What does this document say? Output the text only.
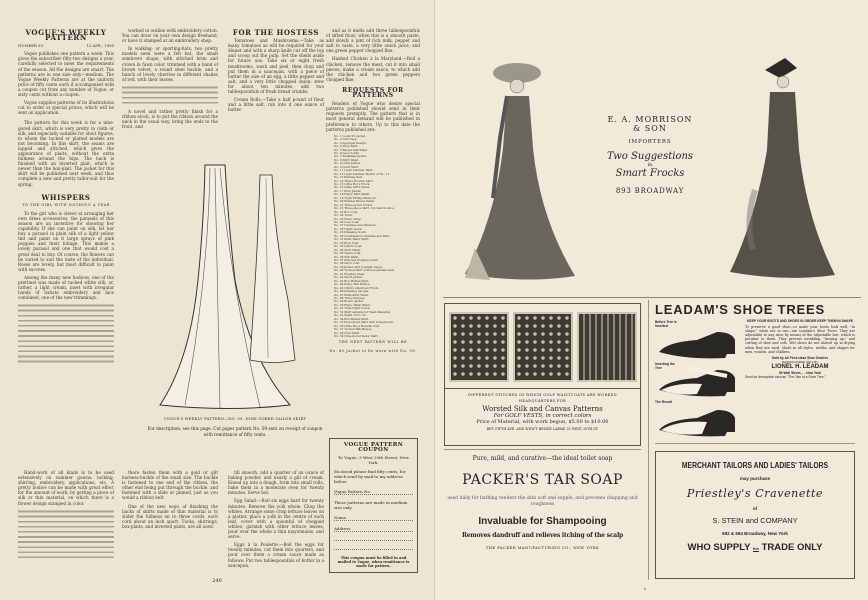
VOGUE'S WEEKLY PATTERN
NUMBER 59.	12 APR., 1900

Vogue publishes one pattern a week. This gives the subscriber fifty-two designs a year, carefully selected to meet the requirements of the season. All the designs are smart. The patterns are in one size only—medium. The Vogue Weekly Patterns are at the uniform price of fifty cents each if accompanied with a coupon cut from any number of Vogue, or sixty cents without a coupon.

Vogue supplies patterns of its illustrations cut to order at special prices, which will be sent on application.

The pattern for this week is for a nine-gored skirt, which is very pretty in cloth or silk, and especially suitable for stout figures, to whom the tucked or plaited models are not becoming. In this skirt, the seams are lapped and stitched, which gives the appearance of plaits, without the extra fullness around the hips. The back is finished with an inverted plait, which is newer than the box-plait. The jacket for this skirt will be published next week, and thus complete a new and pretty tailor-suit for the spring.

WHISPERS
TO THE GIRL WITH NOTHING A YEAR

To the girl who is clever at arranging her own dress accessories, the parasols of this season are an incentive for showing her capability. If she can paint on silk, let her buy a parasol in plain silk of a light yellow tint and paint on it large sprays of pink poppies and their foliage. This makes a lovely parasol and one that would cost a great deal to buy. Of course, the flowers can be varied to suit the taste of the individual. Roses are lovely, but most difficult to paint with success.

Among the many new bodices, one of the prettiest was made of tucked white silk, or, rather, a light cream, inset with irregular bands of batiste embroidery and lace combined, one of the new trimmings.

Hand-work of all kinds is to be used extensively on summer gowns: tucking, shirring, embroidery, applications, etc. A pretty bodice can be made with great effect for the amount of work, by getting a piece of silk or thin material, on which there is a flower design stamped in color.

worked in outline with embroidery cotton. You can draw on your own design freehand, or have it stamped at an embroidery shop.

In walking- or sporting-hats, two pretty models seen were a felt hat, the small sombrero shape, with stitched brim and crown in fawn color, trimmed with a band of brown velvet, a round steel buckle, and a bunch of lovely cherries in different shades of red, with their leaves.

A novel and rather pretty finish for a ribbon stock, is to put the ribbon around the neck in the usual way, bring the ends to the front, and

FOR THE HOSTESS

Tomatoes and Mushrooms.—Take as many tomatoes as will be required for your dinner and with a sharp knife cut off the top and scoop out the pulp. Set the shells aside for future use. Take six or eight fresh mushrooms, wash and peel, then chop and put them in a saucepan, with a piece of butter the size of an egg, a little pepper and salt, and a very little chopped onion; stew for about ten minutes, add two tablespoonfuls of fresh bread crumbs.

Cream Rolls.—Take a half pound of flour and a little salt, rub into it one ounce of butter

and as it melts add three tablespoonfuls of sifted flour; when this is a smooth paste, add slowly a pint of rich milk, pepper and salt to taste, a very little onion juice, and one green pepper chopped fine.

Hashed Chicken à la Maryland.—Boil a chicken, remove the meat, cut it into small pieces, make a cream sauce, to which add the chicken and two green peppers chopped fine.

REQUESTS FOR PATTERNS

Readers of Vogue who desire special patterns published should send in their requests promptly. The pattern that is in most general demand will be published in preference to others. Up to this date the patterns published are:

No. 1 Louis XV. Jacket.
No. 2 Golf Cape.
No. 3 Appliqué Design.
No. 4 Drop Skirt.
No. 5 Blouse Silk Waist.
No. 6 Lace Collar.
No. 7 Breakfast Jacket.
No. 8 Shirt Waist.
No. 9 Cloth Jacket.
No. 10 Golf Skirt.
No. 11 Light Summer Skirt.
No. 12 Light Summer Bodice of No. 11.
No. 13 Bathing Suit.
No. 14 Three-Flounce Skirt.
No. 15 Little Boy's Frock.
No. 16 Little Girl's Dress.
No. 17 Eton Jacket.
No. 18 Fancy Shirt Waist.
No. 19 Tight Fitting Petticoat.
No. 20 Flannel Blouse Waist.
No. 21 Three-gored Corset.
No. 22 Three-piece Skirt, Circular flounce.
No. 23 Box Coat.
No. 24 Tunic.
No. 25 Fancy Wrap.
No. 26 Lace Coat.
No. 27 Chemise and Drawers.
No. 28 Night Gown.
No. 29 Dressing Gown.
No. 30 Combination Chemise and Skirt.
No. 31 Plain Tailor Skirt.
No. 32 Eton Coat.
No. 33 Child's Coat.
No. 34 Shirt Waist.
No. 35 Opera Coat.
No. 36 Silk Waist.
No. 37 Princess Evening Gown.
No. 38 Girl's Coat.
No. 39 Jacket with Coattail Capes.
No. 40 Tucked Skirt with box-plaited back.
No. 41 Evening Cape.
No. 42 Short Jacket.
No. 43 Box Plaited Skirt.
No. 44 Fancy Silk Bodice.
No. 45 Child's Afternoon Frock.
No. 46 Dressing Sacque.
No. 47 Plain Shirt Waist.
No. 48 Three Sleeves.
No. 49 Bolero Jacket.
No. 50 Fancy Wash Waist.
No. 51 Tulle Night Gown.
No. 52 Skirt suitable for Wash Material.
No. 53 Waist of No. 52.
No. 54 Box Plaited Skirt.
No. 55 Five-Gored Skirt with tucked back.
No. 56 Little Boy's Russian Suit.
No. 57 Tucked Silk Blouse.
No. 58 Over Skirt.
No. 59 Nine-Gored Tailor Skirt.
THE NEXT PATTERN WILL BE
No. 60 Jacket to be worn with No. 59.
VOGUE'S WEEKLY PATTERN—NO. 59, NINE GORED TAILOR SKIRT
For description, see this page. Cut paper pattern No. 59 sent on receipt of coupon with remittance of fifty cents.

there fasten them with a gold or gilt harness-buckle of the small size. The buckle is fastened to one end of the ribbon, the other end being put through the buckle, and fastened with a slide or pinned, just as you would a ribbon belt.

One of the new ways of finishing the backs of skirts made of thin material is to slider the fullness on to three cords, each cord about an inch apart. Tucks, shirrings, box-plaits, and inverted plaits, are all used.

till smooth, add a quarter of an ounce of baking powder, and nearly a gill of cream. Knead up into a dough, form into small rolls, bake them in a moderate oven for twenty minutes. Serve hot.

Egg Salad.—Boil six eggs hard for twenty minutes. Remove the yolk whole. Chop the whites. Arrange some crisp lettuce leaves on a platter, place a yolk in the centre of each leaf, cover with a spoonful of chopped whites, garnish with other lettuce leaves, pour over the whole a thin mayonnaise, and serve.

Eggs à la Poulette.—Boil the eggs for twenty minutes, cut them into quarters, and pour over them a cream sauce made as follows: Put two tablespoonfuls of butter in a saucepan,

VOGUE PATTERN COUPON
To Vogue, 3 West 29th Street, New York.
Enclosed please find fifty cents, for which send by mail to my address below:
Vogue Pattern No.
These patterns are made in medium size only.
Name
Address
This coupon must be filled in and mailed to Vogue, when remittance is made for pattern.
240
E. A. MORRISON
& SON
IMPORTERS
Two Suggestions
in
Smart Frocks
893 BROADWAY
DIFFERENT STITCHES IN WHICH GOLF WAISTCOATS ARE WORKED
HEADQUARTERS FOR
Worsted Silk and Canvas Patterns
For GOLF VESTS, in correct colors
Price of Material, with work begun, $5.00 to $10.00
BET. FIFTH AVE. AND B'DW'Y BESSIE LAPAIX 25 WEST 30TH ST.
LEADAM'S SHOE TREES
Before Tree is Inserted
Inserting the Tree
The Result
KEEP YOUR BOOTS AND SHOES IN ORDER KEEP THEM IN SHAPE
To preserve a good shoe—to make your boots look well, "in shape," when not in use—use Leadam's Shoe Trees. They are adjustable to any shoe by means of the adjustable last, which is peculiar to them. They prevent wrinkling, "turning up," and curling of shoe and sole. Wet shoes do not shrivel up in drying when they are used. Made in all styles, widths, and shapes for men, women, and children.
Sold by All First-class Shoe Dealers
MANUFACTURED ONLY BY
LIONEL H. LEADAM
80 Wall Street, - - New York
Send for descriptive circular, "The Tale of a Shoe Tree."
Pure, mild, and curative—the ideal toilet soap
PACKER'S TAR SOAP
used daily for bathing renders the skin soft and supple, and prevents chapping and roughness
Invaluable for Shampooing
Removes dandruff and relieves itching of the scalp
THE PACKER MANUFACTURING CO., NEW YORK
MERCHANT TAILORS AND LADIES' TAILORS
may purchase
Priestley's Cravenette
of
S. STEIN and COMPANY
692 & 694 Broadway, New York
WHO SUPPLY the TRADE ONLY
v
